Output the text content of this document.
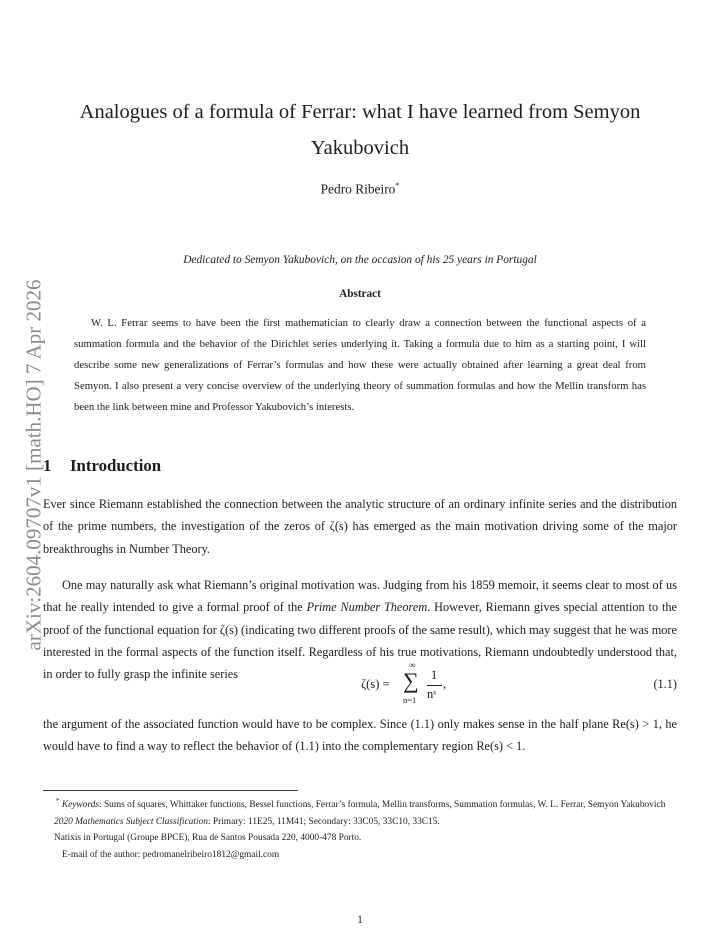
arXiv:2604.09707v1 [math.HO] 7 Apr 2026
Analogues of a formula of Ferrar: what I have learned from Semyon Yakubovich
Pedro Ribeiro*
Dedicated to Semyon Yakubovich, on the occasion of his 25 years in Portugal
Abstract
W. L. Ferrar seems to have been the first mathematician to clearly draw a connection between the functional aspects of a summation formula and the behavior of the Dirichlet series underlying it. Taking a formula due to him as a starting point, I will describe some new generalizations of Ferrar’s formulas and how these were actually obtained after learning a great deal from Semyon. I also present a very concise overview of the underlying theory of summation formulas and how the Mellin transform has been the link between mine and Professor Yakubovich’s interests.
1 Introduction
Ever since Riemann established the connection between the analytic structure of an ordinary infinite series and the distribution of the prime numbers, the investigation of the zeros of ζ(s) has emerged as the main motivation driving some of the major breakthroughs in Number Theory.
One may naturally ask what Riemann’s original motivation was. Judging from his 1859 memoir, it seems clear to most of us that he really intended to give a formal proof of the Prime Number Theorem. However, Riemann gives special attention to the proof of the functional equation for ζ(s) (indicating two different proofs of the same result), which may suggest that he was more interested in the formal aspects of the function itself. Regardless of his true motivations, Riemann undoubtedly understood that, in order to fully grasp the infinite series
ζ(s) =
∞
∑
n=1
1
nˢ
,	(1.1)
the argument of the associated function would have to be complex. Since (1.1) only makes sense in the half plane Re(s) > 1, he would have to find a way to reflect the behavior of (1.1) into the complementary region Re(s) < 1.
* Keywords: Sums of squares, Whittaker functions, Bessel functions, Ferrar’s formula, Mellin transforms, Summation formulas, W. L. Ferrar, Semyon Yakubovich
2020 Mathematics Subject Classification: Primary: 11E25, 11M41; Secondary: 33C05, 33C10, 33C15.
Natixis in Portugal (Groupe BPCE), Rua de Santos Pousada 220, 4000-478 Porto.
E-mail of the author: pedromanelribeiro1812@gmail.com
1
